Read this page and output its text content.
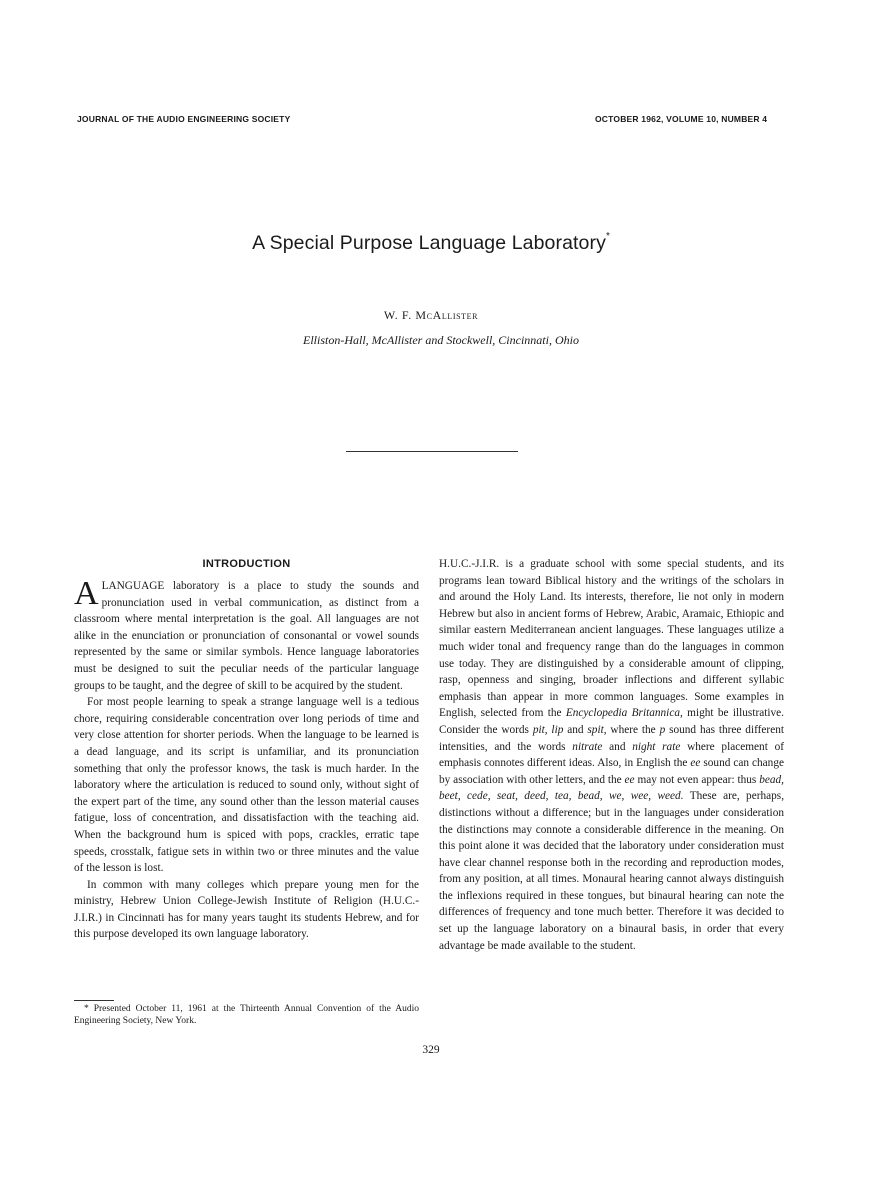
JOURNAL OF THE AUDIO ENGINEERING SOCIETY	OCTOBER 1962, VOLUME 10, NUMBER 4
A Special Purpose Language Laboratory*
W. F. McAllister
Elliston-Hall, McAllister and Stockwell, Cincinnati, Ohio
INTRODUCTION

A LANGUAGE laboratory is a place to study the sounds and pronunciation used in verbal communication, as distinct from a classroom where mental interpretation is the goal. All languages are not alike in the enunciation or pronunciation of consonantal or vowel sounds represented by the same or similar symbols. Hence language laboratories must be designed to suit the peculiar needs of the particular language groups to be taught, and the degree of skill to be acquired by the student.

For most people learning to speak a strange language well is a tedious chore, requiring considerable concentration over long periods of time and very close attention for shorter periods. When the language to be learned is a dead language, and its script is unfamiliar, and its pronunciation something that only the professor knows, the task is much harder. In the laboratory where the articulation is reduced to sound only, without sight of the expert part of the time, any sound other than the lesson material causes fatigue, loss of concentration, and dissatisfaction with the teaching aid. When the background hum is spiced with pops, crackles, erratic tape speeds, crosstalk, fatigue sets in within two or three minutes and the value of the lesson is lost.

In common with many colleges which prepare young men for the ministry, Hebrew Union College-Jewish Institute of Religion (H.U.C.-J.I.R.) in Cincinnati has for many years taught its students Hebrew, and for this purpose developed its own language laboratory.

* Presented October 11, 1961 at the Thirteenth Annual Convention of the Audio Engineering Society, New York.

H.U.C.-J.I.R. is a graduate school with some special students, and its programs lean toward Biblical history and the writings of the scholars in and around the Holy Land. Its interests, therefore, lie not only in modern Hebrew but also in ancient forms of Hebrew, Arabic, Aramaic, Ethiopic and similar eastern Mediterranean ancient languages. These languages utilize a much wider tonal and frequency range than do the languages in common use today. They are distinguished by a considerable amount of clipping, rasp, openness and singing, broader inflections and different syllabic emphasis than appear in more common languages. Some examples in English, selected from the Encyclopedia Britannica, might be illustrative. Consider the words pit, lip and spit, where the p sound has three different intensities, and the words nitrate and night rate where placement of emphasis connotes different ideas. Also, in English the ee sound can change by association with other letters, and the ee may not even appear: thus bead, beet, cede, seat, deed, tea, bead, we, wee, weed. These are, perhaps, distinctions without a difference; but in the languages under consideration the distinctions may connote a considerable difference in the meaning. On this point alone it was decided that the laboratory under consideration must have clear channel response both in the recording and reproduction modes, from any position, at all times. Monaural hearing cannot always distinguish the inflexions required in these tongues, but binaural hearing can note the differences of frequency and tone much better. Therefore it was decided to set up the language laboratory on a binaural basis, in order that every advantage be made available to the student.

329
